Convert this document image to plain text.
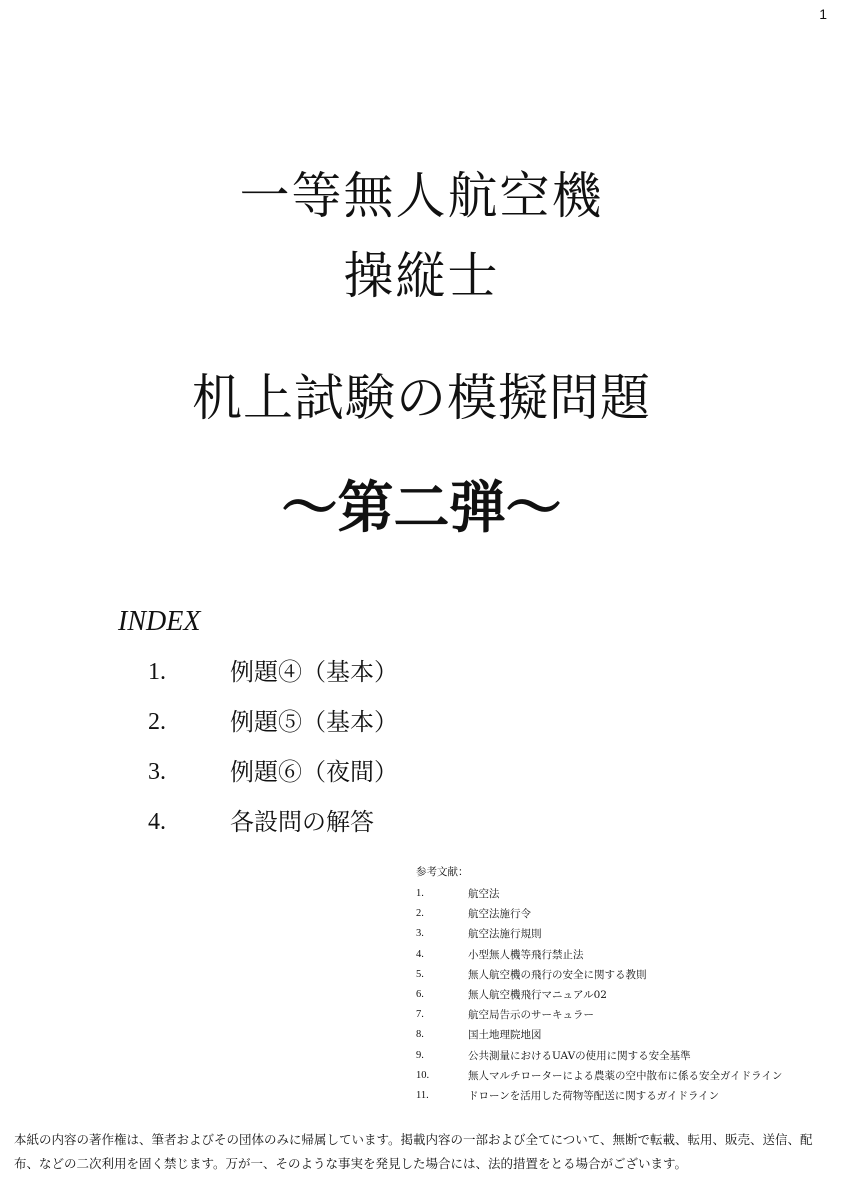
1
一等無人航空機
操縦士
机上試験の模擬問題
～第二弾～
INDEX
1.	例題④（基本）
2.	例題⑤（基本）
3.	例題⑥（夜間）
4.	各設問の解答
参考文献：
1.	航空法
2.	航空法施行令
3.	航空法施行規則
4.	小型無人機等飛行禁止法
5.	無人航空機の飛行の安全に関する教則
6.	無人航空機飛行マニュアル02
7.	航空局告示のサーキュラー
8.	国土地理院地図
9.	公共測量におけるUAVの使用に関する安全基準
10.	無人マルチローターによる農薬の空中散布に係る安全ガイドライン
11.	ドローンを活用した荷物等配送に関するガイドライン
本紙の内容の著作権は、筆者およびその団体のみに帰属しています。掲載内容の一部および全てについて、無断で転載、転用、販売、送信、配布、などの二次利用を固く禁じます。万が一、そのような事実を発見した場合には、法的措置をとる場合がございます。
